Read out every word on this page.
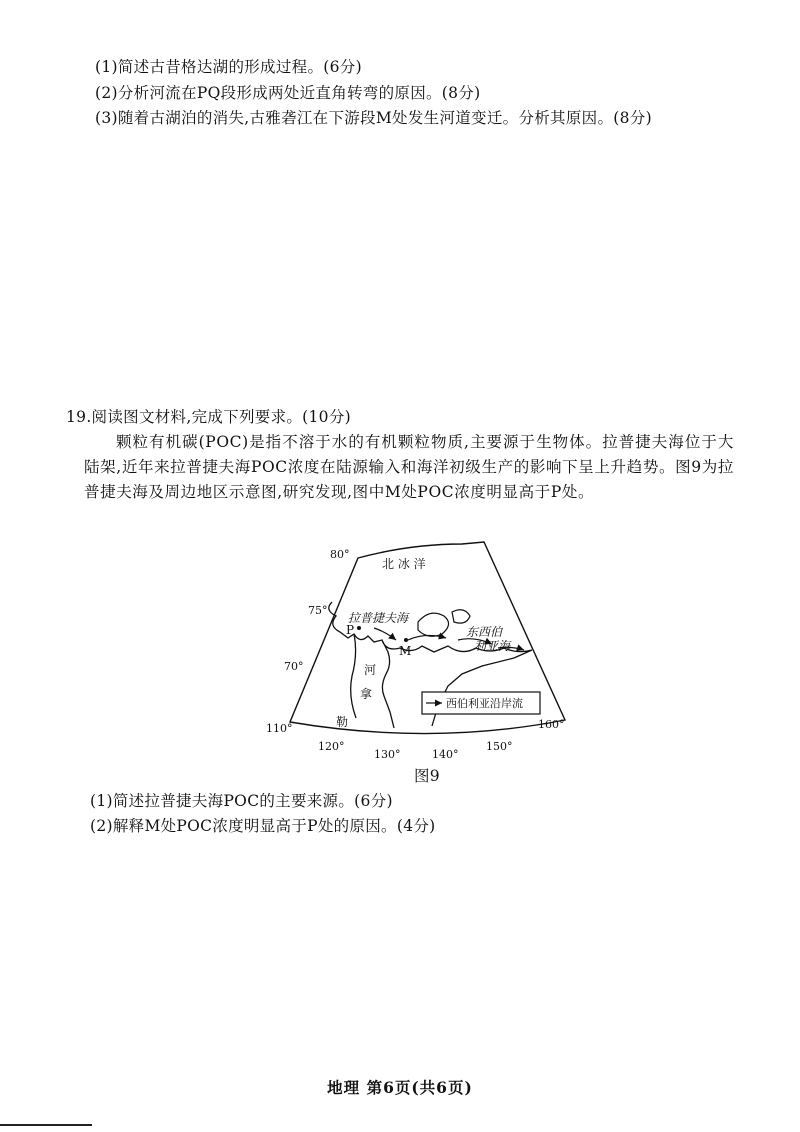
(1)简述古昔格达湖的形成过程。(6分)
(2)分析河流在PQ段形成两处近直角转弯的原因。(8分)
(3)随着古湖泊的消失,古雅砻江在下游段M处发生河道变迁。分析其原因。(8分)
19.阅读图文材料,完成下列要求。(10分)
颗粒有机碳(POC)是指不溶于水的有机颗粒物质,主要源于生物体。拉普捷夫海位于大陆架,近年来拉普捷夫海POC浓度在陆源输入和海洋初级生产的影响下呈上升趋势。图9为拉普捷夫海及周边地区示意图,研究发现,图中M处POC浓度明显高于P处。
北 冰 洋
拉普捷夫海
P
M
东西伯
利亚海
河
拿
勒
西伯利亚沿岸流
80°
75°
70°
110°
120°
130°	140°
150°
160°
图9
(1)简述拉普捷夫海POC的主要来源。(6分)
(2)解释M处POC浓度明显高于P处的原因。(4分)
地理 第6页(共6页)
